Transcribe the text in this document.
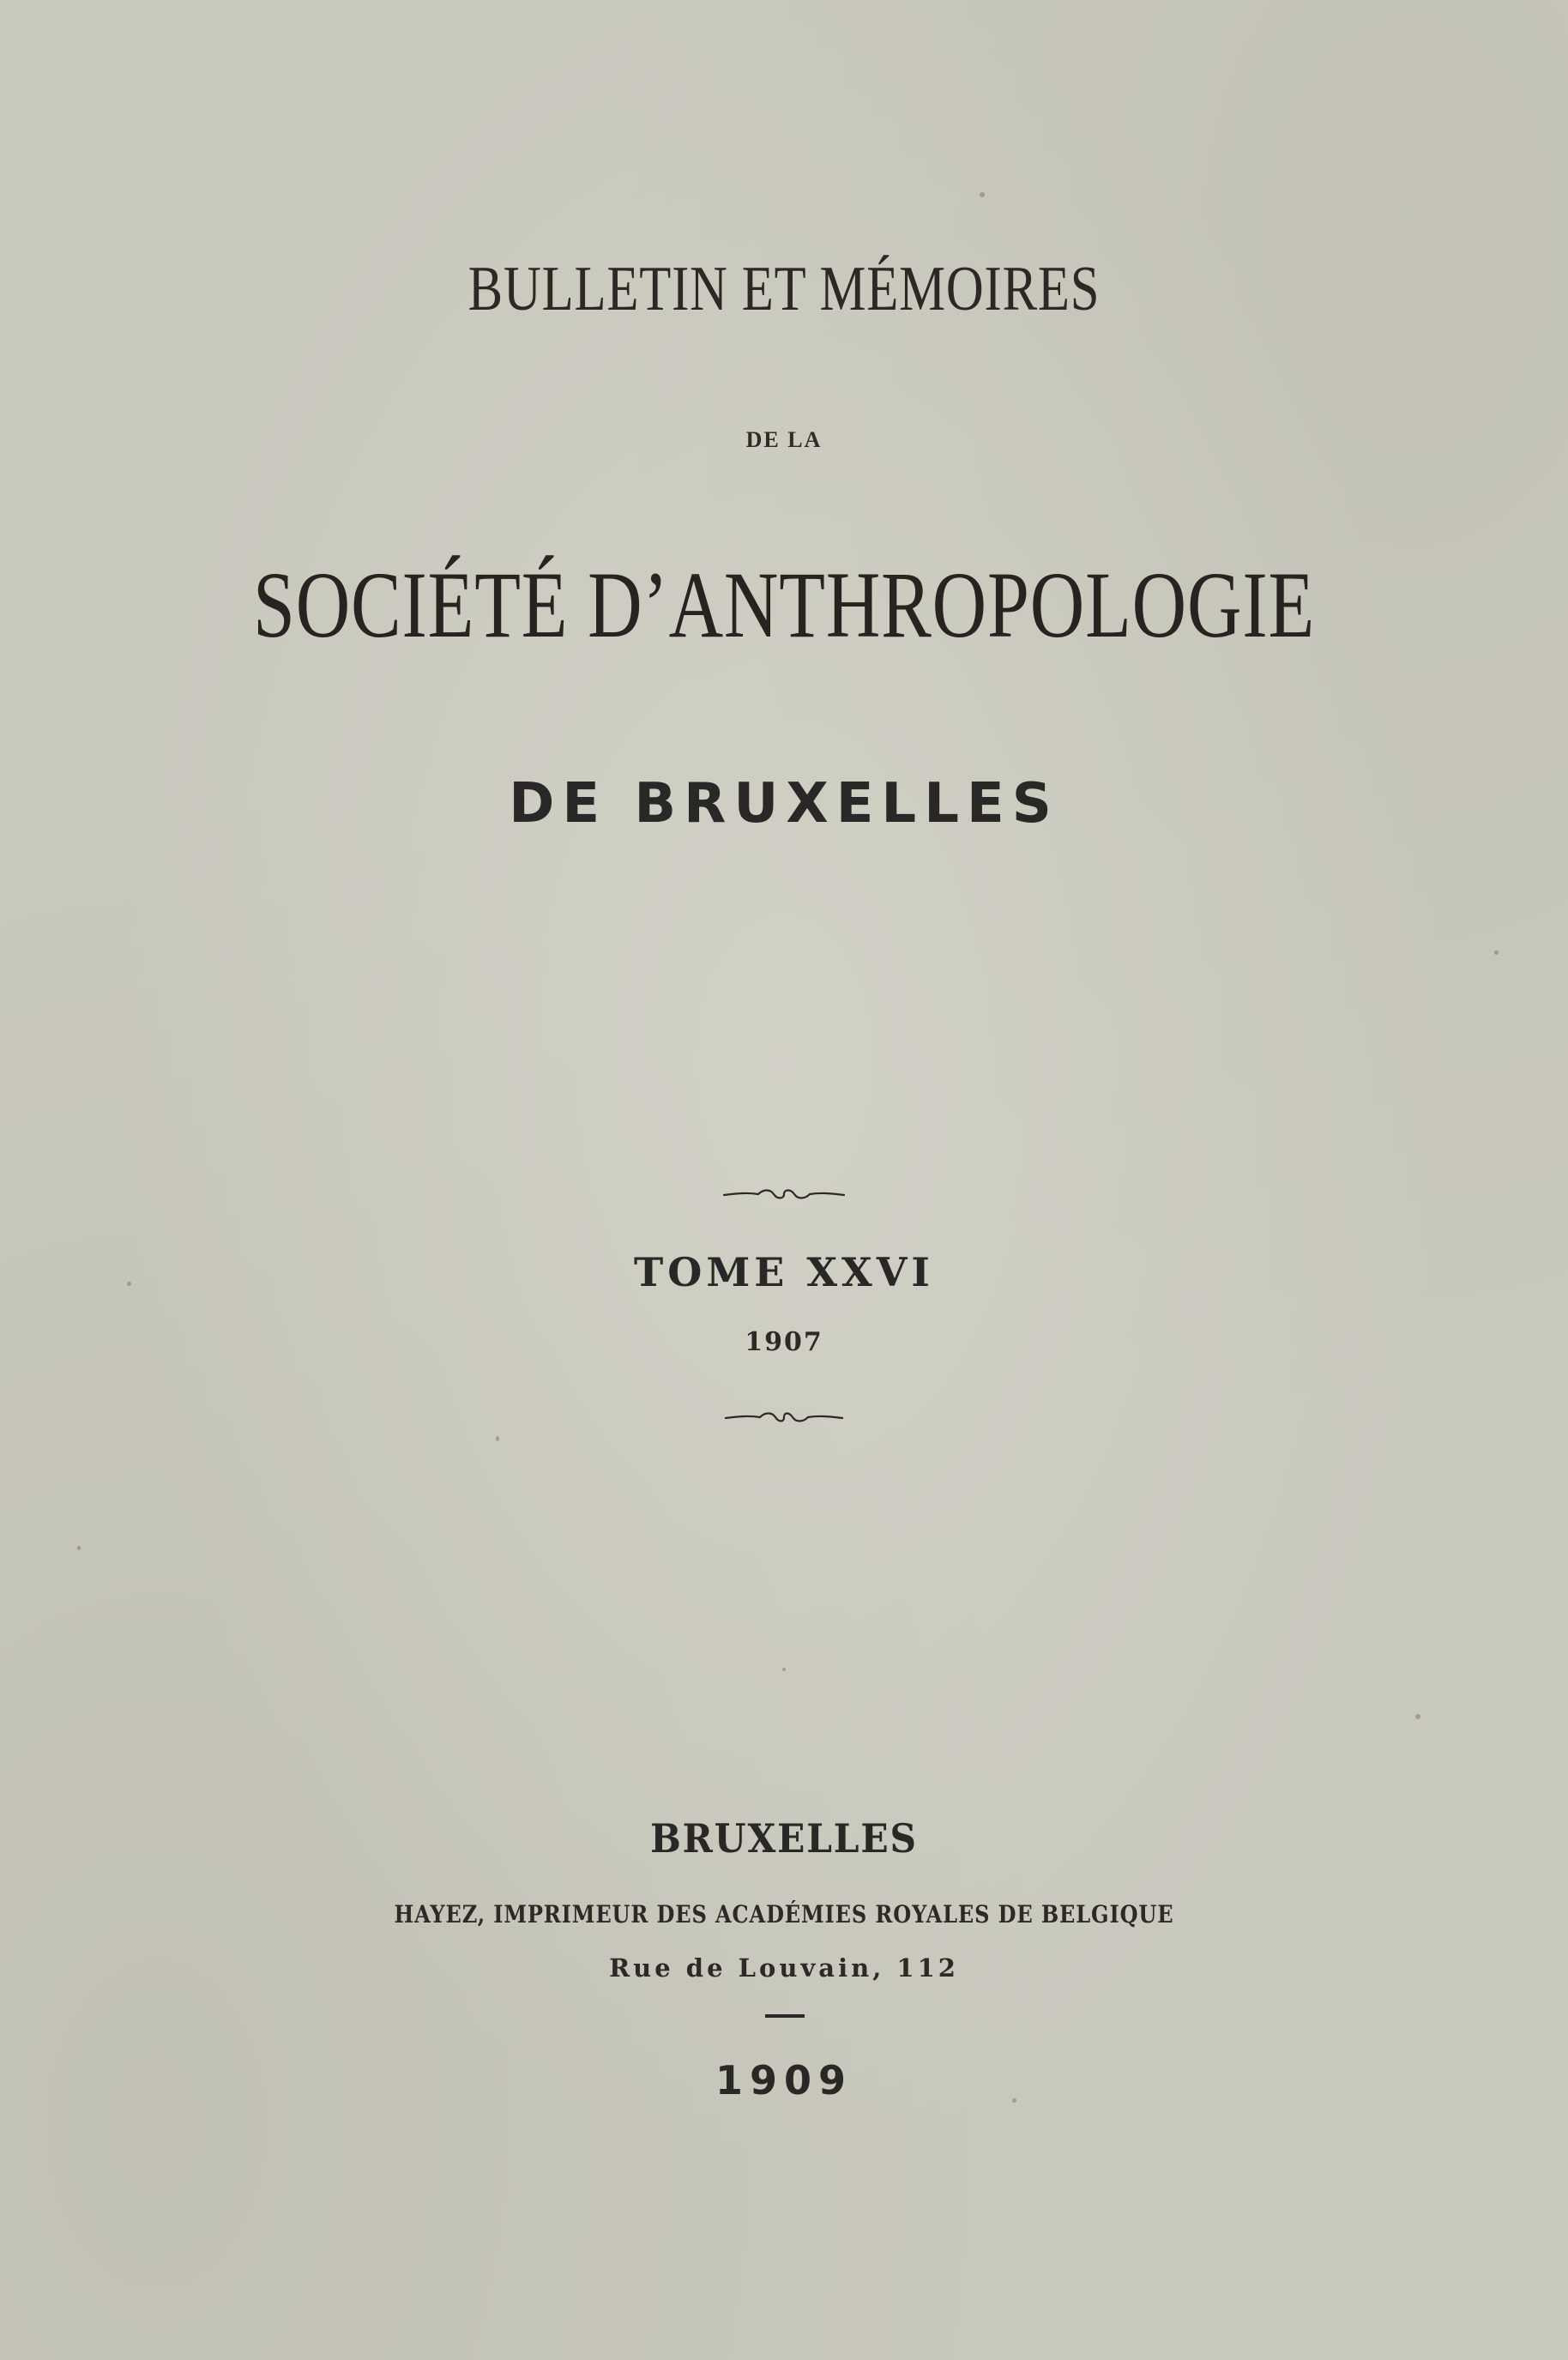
BULLETIN ET MÉMOIRES
DE LA
SOCIÉTÉ D’ANTHROPOLOGIE
DE BRUXELLES
TOME XXVI
1907
BRUXELLES
HAYEZ, IMPRIMEUR DES ACADÉMIES ROYALES DE BELGIQUE
Rue de Louvain, 112
1909
